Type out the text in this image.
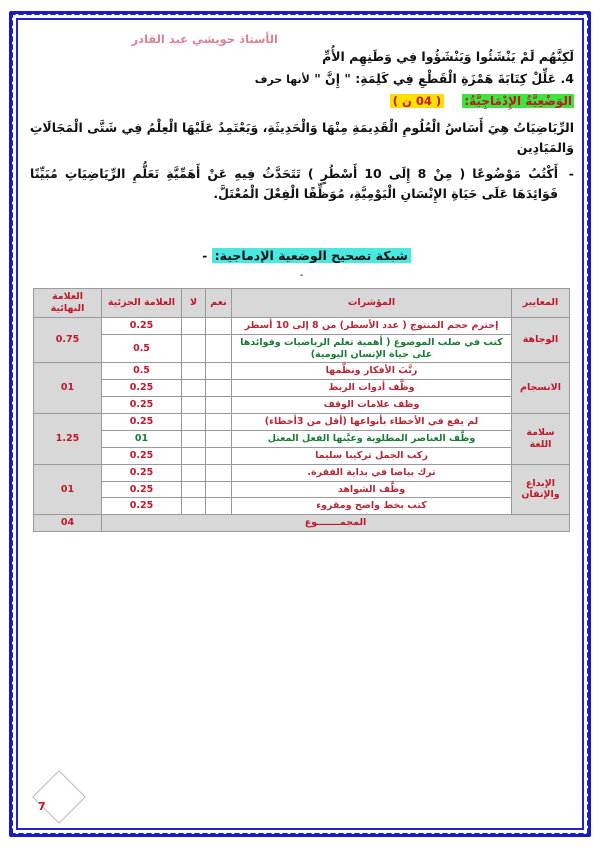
الأستاذ حويشي عبد القادر
لَكِنَّهُم لَمْ يَنْشَئُوا وَيَنْشَؤُوا فِي وَطَنِهِم الأُمِّ
4. عَلِّلْ كِتَابَةَ هَمْزَةِ الْقَطْعِ فِي كَلِمَةِ: " إِنَّ " لأنها حرف
الوَضْعِيَّةُ الإِدْمَاجِيَّةُ: ( 04 ن )
الرِّيَاضِيَاتُ هِيَ أَسَاسُ الْعُلُومِ الْقَدِيمَةِ مِنْهَا وَالْحَدِيثَةِ، وَيَعْتَمِدُ عَلَيْهَا الْعِلْمُ فِي شَتَّى الْمَجَالَاتِ وَالمَيَادِين
-أَكْتُبُ مَوْضُوعًا ( مِنْ 8 إِلَى 10 أَسْطُرٍ ) تَتَحَدَّثُ فِيهِ عَنْ أَهَمِّيَّةِ تَعَلُّمِ الرِّيَاضِيَاتِ مُبَيِّنًا فَوَائِدَهَا عَلَى حَيَاةِ الإِنْسَانِ الْيَوْمِيَّةِ، مُوَظِّفًا الْفِعْلَ الْمُعْتَلَّ.
شبكة تصحيح الوضعية الإدماجية: -
-
المعايير	المؤشرات	نعم	لا	العلامة الجزئية	العلامة النهائية
الوجاهة	إحترم حجم المنتوج ( عدد الأسطر) من 8 إلى 10 أسطر			0.25	0.75
	كتب في صلب الموضوع ( أهمية تعلم الرياضيات وفوائدها على حياة الإنسان اليومية)			0.5	
الانسجام	رتَّبَ الأفكار ونظَّمها			0.5	01
	وظَّف أدوات الربط			0.25	
	وظف علامات الوقف			0.25	
سلامة اللغة	لم يقع في الأخطاء بأنواعها (أقل من 3أخطاء)			0.25	1.25
	وظَّف العناصر المطلوبة وعيَّنها الفعل المعتل			01	
	ركب الجمل تركيبا سليما			0.25	
الإبداع والإتقان	ترك بياضا في بداية الفقرة.			0.25	01
	وظَّف الشواهد			0.25	
	كتب بخط واضح ومقروء			0.25	
المجمـــــــوع					04
7
